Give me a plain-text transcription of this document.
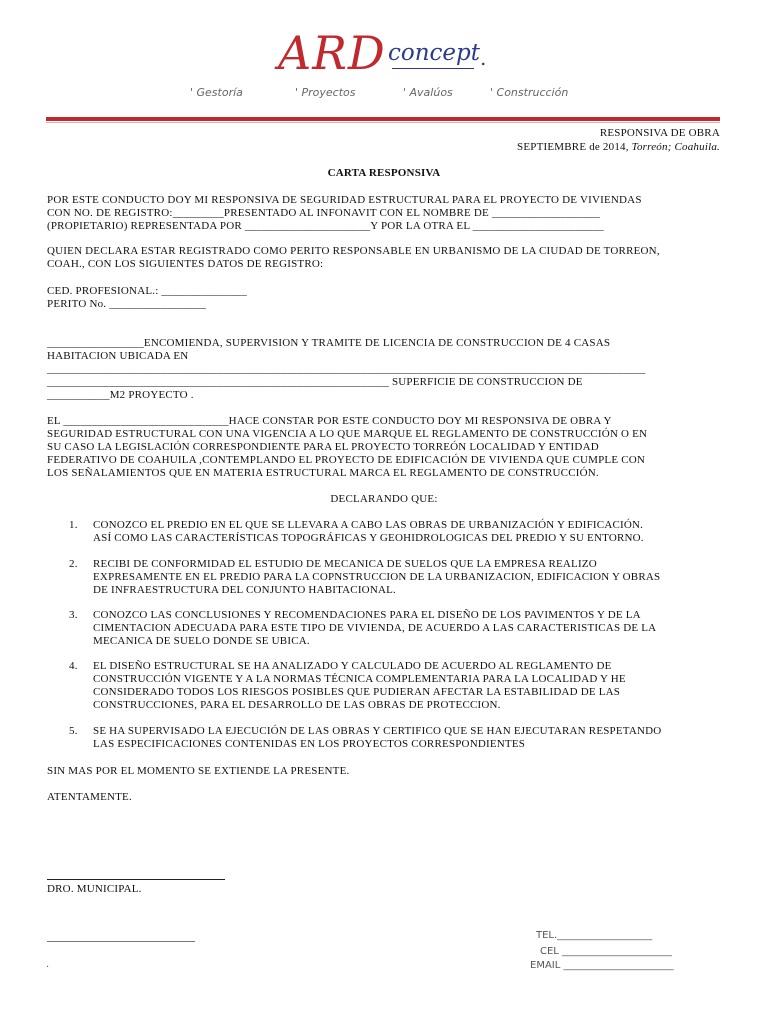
ARD concept .
' Gestoría	' Proyectos	' Avalúos	' Construcción
RESPONSIVA DE OBRA
SEPTIEMBRE de 2014, Torreón; Coahuila.
CARTA RESPONSIVA
POR ESTE CONDUCTO DOY MI RESPONSIVA DE SEGURIDAD ESTRUCTURAL PARA EL PROYECTO DE VIVIENDAS
CON NO. DE REGISTRO:_________PRESENTADO AL INFONAVIT CON EL NOMBRE DE ___________________
(PROPIETARIO) REPRESENTADA POR ______________________Y POR LA OTRA EL _______________________
QUIEN DECLARA ESTAR REGISTRADO COMO PERITO RESPONSABLE EN URBANISMO DE LA CIUDAD DE TORREON,
COAH., CON LOS SIGUIENTES DATOS DE REGISTRO:
CED. PROFESIONAL.: _______________
PERITO No. _________________
_________________ENCOMIENDA, SUPERVISION Y TRAMITE DE LICENCIA DE CONSTRUCCION DE 4 CASAS
HABITACION UBICADA EN
_________________________________________________________________________________________________________
____________________________________________________________ SUPERFICIE DE CONSTRUCCION DE
___________M2 PROYECTO .
EL _____________________________HACE CONSTAR POR ESTE CONDUCTO DOY MI RESPONSIVA DE OBRA Y
SEGURIDAD ESTRUCTURAL CON UNA VIGENCIA A LO QUE MARQUE EL REGLAMENTO DE CONSTRUCCIÓN O EN
SU CASO LA LEGISLACIÓN CORRESPONDIENTE PARA EL PROYECTO TORREÓN LOCALIDAD Y ENTIDAD
FEDERATIVO DE COAHUILA ,CONTEMPLANDO EL PROYECTO DE EDIFICACIÓN DE VIVIENDA QUE CUMPLE CON
LOS SEÑALAMIENTOS QUE EN MATERIA ESTRUCTURAL MARCA EL REGLAMENTO DE CONSTRUCCIÓN.
DECLARANDO QUE:
1. CONOZCO EL PREDIO EN EL QUE SE LLEVARA A CABO LAS OBRAS DE URBANIZACIÓN Y EDIFICACIÓN.
ASÍ COMO LAS CARACTERÍSTICAS TOPOGRÁFICAS Y GEOHIDROLOGICAS DEL PREDIO Y SU ENTORNO.
2. RECIBI DE CONFORMIDAD EL ESTUDIO DE MECANICA DE SUELOS QUE LA EMPRESA REALIZO
EXPRESAMENTE EN EL PREDIO PARA LA COPNSTRUCCION DE LA URBANIZACION, EDIFICACION Y OBRAS
DE INFRAESTRUCTURA DEL CONJUNTO HABITACIONAL.
3. CONOZCO LAS CONCLUSIONES Y RECOMENDACIONES PARA EL DISEÑO DE LOS PAVIMENTOS Y DE LA
CIMENTACION ADECUADA PARA ESTE TIPO DE VIVIENDA, DE ACUERDO A LAS CARACTERISTICAS DE LA
MECANICA DE SUELO DONDE SE UBICA.
4. EL DISEÑO ESTRUCTURAL SE HA ANALIZADO Y CALCULADO DE ACUERDO AL REGLAMENTO DE
CONSTRUCCIÓN VIGENTE Y A LA NORMAS TÉCNICA COMPLEMENTARIA PARA LA LOCALIDAD Y HE
CONSIDERADO TODOS LOS RIESGOS POSIBLES QUE PUDIERAN AFECTAR LA ESTABILIDAD DE LAS
CONSTRUCCIONES, PARA EL DESARROLLO DE LAS OBRAS DE PROTECCION.
5. SE HA SUPERVISADO LA EJECUCIÓN DE LAS OBRAS Y CERTIFICO QUE SE HAN EJECUTARAN RESPETANDO
LAS ESPECIFICACIONES CONTENIDAS EN LOS PROYECTOS CORRESPONDIENTES
SIN MAS POR EL MOMENTO SE EXTIENDE LA PRESENTE.
ATENTAMENTE.
DRO. MUNICIPAL.
.
TEL.___________________
CEL ______________________
EMAIL ______________________
